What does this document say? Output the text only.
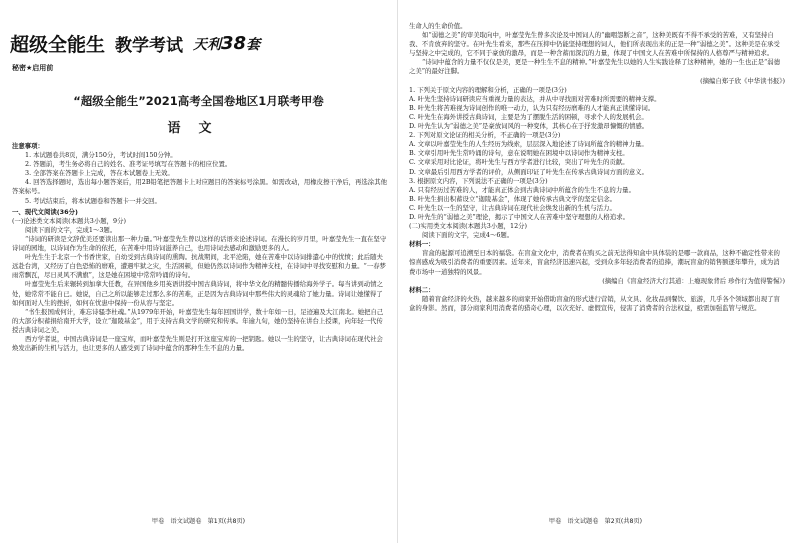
超级全能生 教学考试 天利38套
秘密★启用前
“超级全能生”2021高考全国卷地区1月联考甲卷
语文

注意事项：

1. 本试题卷共8页，满分150分，考试时间150分钟。

2. 答题前，考生务必将自己的姓名、准考证号填写在答题卡的相应位置。

3. 全部答案在答题卡上完成，答在本试题卷上无效。

4. 回答选择题时，选出每小题答案后，用2B铅笔把答题卡上对应题目的答案标号涂黑。如需改动，用橡皮擦干净后，再选涂其他答案标号。

5. 考试结束后，将本试题卷和答题卡一并交回。

一、现代文阅读(36分)

(一)论述类文本阅读(本题共3小题，9分)

阅读下面的文字，完成1～3题。

“诗词的研读是文辞优美还要读出那一种力量。”叶嘉莹先生曾以这样的话语来论述诗词。在漫长的岁月里，叶嘉莹先生一直在坚守诗词的园地，以诗词作为生命的依托，在苦难中用诗词滋养自己，也用诗词去感动和激励更多的人。

叶先生生于北京一个书香世家，自幼受到古典诗词的熏陶。抗战期间，北平沦陷，她在苦难中以诗词排遣心中的忧愤；此后随夫远赴台湾，又经历了白色恐怖的磨难，遭遇牢狱之灾，生活困顿，但她仍然以诗词作为精神支柱，在诗词中寻找安慰和力量。“一春梦雨常飘瓦，尽日灵风不满旗”，这是她在困境中常常吟诵的诗句。

叶嘉莹先生后来辗转到加拿大任教，在异国他乡用英语讲授中国古典诗词，将中华文化的精髓传播给海外学子。每当讲到动情之处，她常常不能自已。她说，自己之所以能够走过那么多的苦难，正是因为古典诗词中那些伟大的灵魂给了她力量。诗词让她懂得了如何面对人生的挫折，如何在忧患中保持一份从容与坚定。

“书生报国成何计，难忘诗骚李杜魂。”从1979年开始，叶嘉莹先生每年回国讲学，数十年如一日，足迹遍及大江南北。她把自己的大部分积蓄捐给南开大学，设立“迦陵基金”，用于支持古典文学的研究和传承。年逾九旬，她仍坚持在讲台上授课，向年轻一代传授古典诗词之美。

西方学者说，中国古典诗词是一座宝库，而叶嘉莹先生则是打开这座宝库的一把钥匙。她以一生的坚守，让古典诗词在现代社会焕发出新的生机与活力，也让更多的人感受到了诗词中蕴含的那种生生不息的力量。

甲卷　语文试题卷　第1页(共8页)

生命人的生命价值。

如“弱德之美”的审美取向中，叶嘉莹先生曾多次论及中国词人的“幽咽怨断之音”，这种美既有不得不承受的苦难，又有坚持自我、不肯放弃的坚守。在叶先生看来，那些在压抑中仍能坚持理想的词人，他们所表现出来的正是一种“弱德之美”。这种美是在承受与坚持之中完成的，它不同于豪放的激昂，而是一种含蓄而深沉的力量，体现了中国文人在苦难中所保持的人格尊严与精神追求。

“诗词中蕴含的力量不仅仅是美，更是一种生生不息的精神。”叶嘉莹先生以她的人生实践诠释了这种精神，她的一生也正是“弱德之美”的最好注脚。

(摘编自郑子欣《中华读书报》)

1. 下列关于原文内容的理解和分析，正确的一项是(3分)

A. 叶先生坚持诗词研读应当重视力量的表达，并从中寻找面对苦难时所需要的精神支撑。

B. 叶先生将苦难视为诗词创作的唯一动力，认为只有经历磨难的人才能真正读懂诗词。

C. 叶先生在海外讲授古典诗词，主要是为了摆脱生活的困顿，寻求个人的发展机会。

D. 叶先生认为“弱德之美”是豪放词风的一种变体，其核心在于抒发激昂慷慨的情感。

2. 下列对原文论证的相关分析，不正确的一项是(3分)

A. 文章以叶嘉莹先生的人生经历为线索，层层深入地论述了诗词所蕴含的精神力量。

B. 文章引用叶先生常吟诵的诗句，意在说明她在困境中以诗词作为精神支柱。

C. 文章采用对比论证，将叶先生与西方学者进行比较，突出了叶先生的贡献。

D. 文章最后引用西方学者的评价，从侧面印证了叶先生在传承古典诗词方面的意义。

3. 根据原文内容，下列说法不正确的一项是(3分)

A. 只有经历过苦难的人，才能真正体会到古典诗词中所蕴含的生生不息的力量。

B. 叶先生捐出积蓄设立“迦陵基金”，体现了她传承古典文学的坚定信念。

C. 叶先生以一生的坚守，让古典诗词在现代社会焕发出新的生机与活力。

D. 叶先生的“弱德之美”理论，揭示了中国文人在苦难中坚守理想的人格追求。

(二)实用类文本阅读(本题共3小题，12分)

阅读下面的文字，完成4～6题。

材料一：

盲盒的起源可追溯至日本的福袋。在盲盒文化中，消费者在购买之前无法得知盒中具体装的是哪一款商品，这种不确定性带来的惊喜感成为吸引消费者的重要因素。近年来，盲盒经济迅速兴起，受到众多年轻消费者的追捧，潮玩盲盒的销售额逐年攀升，成为消费市场中一道独特的风景。

(摘编自《盲盒经济大行其道：上瘾现象背后 珍作行为值得警惕》)

材料二：

随着盲盒经济的火热，越来越多的商家开始借助盲盒的形式进行营销，从文具、化妆品到餐饮、旅游，几乎各个领域都出现了盲盒的身影。然而，部分商家利用消费者的猎奇心理，以次充好、虚假宣传，侵害了消费者的合法权益，亟需加强监管与规范。

甲卷　语文试题卷　第2页(共8页)
